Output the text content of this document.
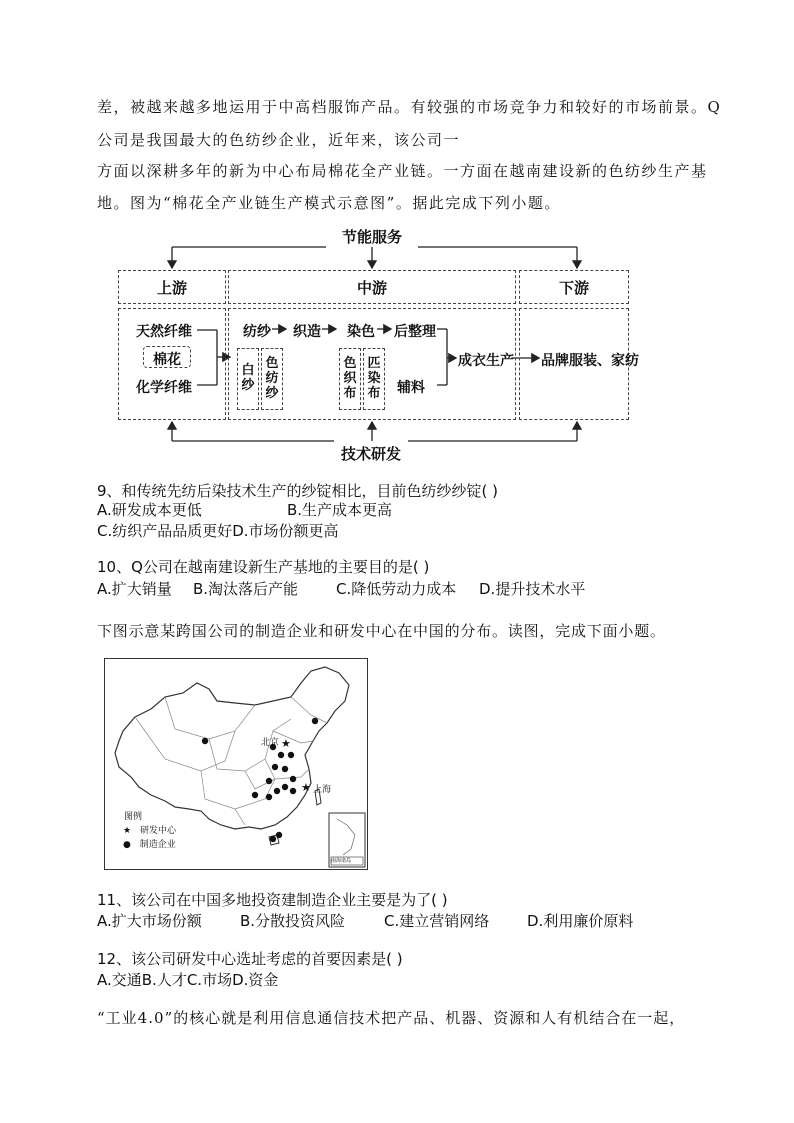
差，被越来越多地运用于中高档服饰产品。有较强的市场竞争力和较好的市场前景。Q
公司是我国最大的色纺纱企业，近年来，该公司一
方面以深耕多年的新为中心布局棉花全产业链。一方面在越南建设新的色纺纱生产基
地。图为“棉花全产业链生产模式示意图”。据此完成下列小题。
节能服务
技术研发
上游	中游	下游
天然纤维
棉花
化学纤维
纺纱 织造 染色 后整理
白
纱
色
纺
纱
色
织
布
匹
染
布 辅料
成衣生产 品牌服装、家纺
9、和传统先纺后染技术生产的纱锭相比，目前色纺纱纱锭( )
A.研发成本更低	B.生产成本更高
C.纺织产品品质更好D.市场份额更高
10、Q公司在越南建设新生产基地的主要目的是( )
A.扩大销量 B.淘汰落后产能	C.降低劳动力成本 D.提升技术水平
下图示意某跨国公司的制造企业和研发中心在中国的分布。读图，完成下面小题。
★
★
北京
上海
图例
★ 研发中心
● 制造企业
南海诸岛
11、该公司在中国多地投资建制造企业主要是为了( )
A.扩大市场份额	B.分散投资风险	C.建立营销网络	D.利用廉价原料
12、该公司研发中心选址考虑的首要因素是( )
A.交通B.人才C.市场D.资金
“工业4.0”的核心就是利用信息通信技术把产品、机器、资源和人有机结合在一起，
